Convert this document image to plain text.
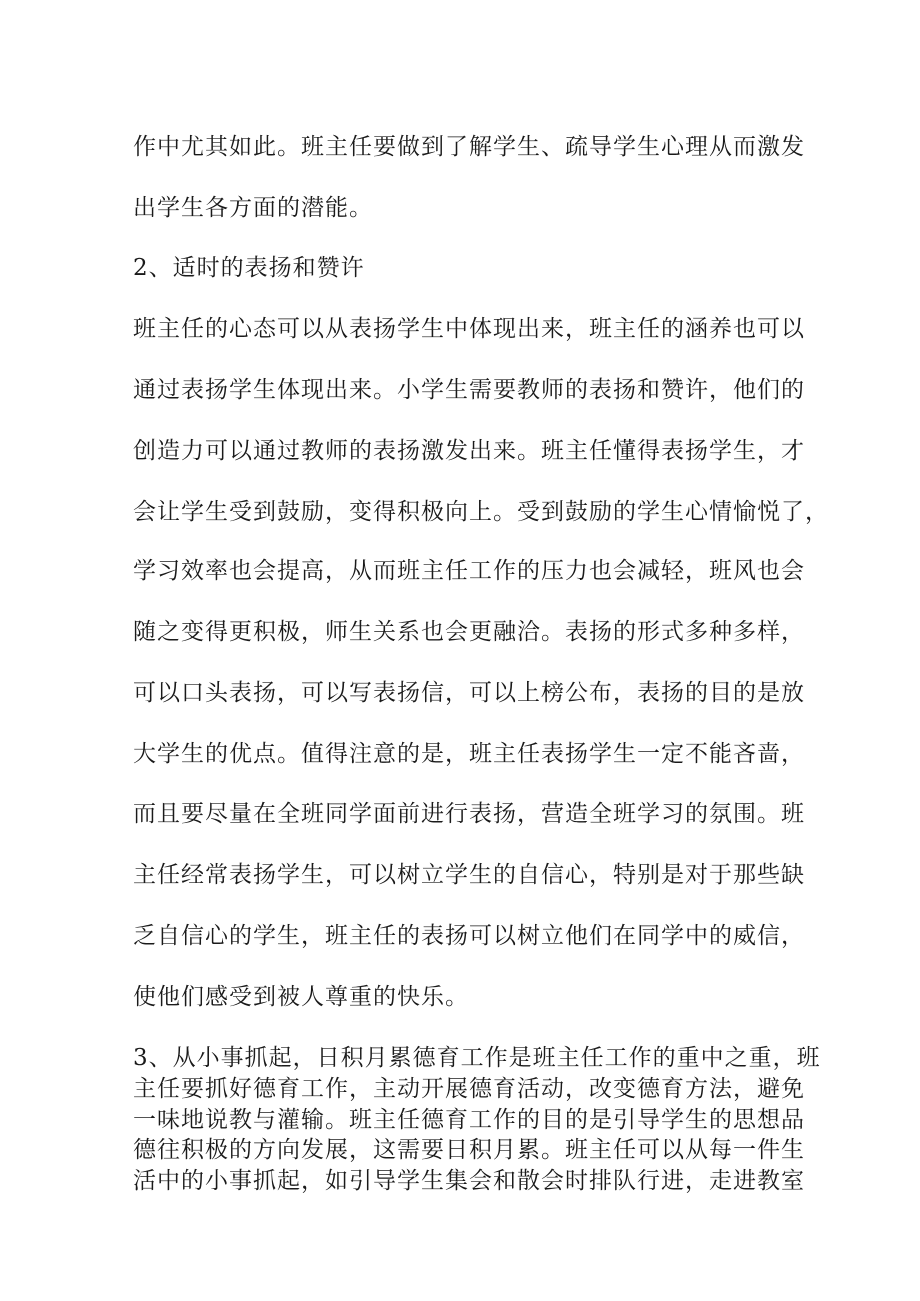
作中尤其如此。班主任要做到了解学生、疏导学生心理从而激发
出学生各方面的潜能。
2、适时的表扬和赞许
班主任的心态可以从表扬学生中体现出来，班主任的涵养也可以
通过表扬学生体现出来。小学生需要教师的表扬和赞许，他们的
创造力可以通过教师的表扬激发出来。班主任懂得表扬学生，才
会让学生受到鼓励，变得积极向上。受到鼓励的学生心情愉悦了，
学习效率也会提高，从而班主任工作的压力也会减轻，班风也会
随之变得更积极，师生关系也会更融洽。表扬的形式多种多样，
可以口头表扬，可以写表扬信，可以上榜公布，表扬的目的是放
大学生的优点。值得注意的是，班主任表扬学生一定不能吝啬，
而且要尽量在全班同学面前进行表扬，营造全班学习的氛围。班
主任经常表扬学生，可以树立学生的自信心，特别是对于那些缺
乏自信心的学生，班主任的表扬可以树立他们在同学中的威信，
使他们感受到被人尊重的快乐。
3、从小事抓起，日积月累德育工作是班主任工作的重中之重，班
主任要抓好德育工作，主动开展德育活动，改变德育方法，避免
一味地说教与灌输。班主任德育工作的目的是引导学生的思想品
德往积极的方向发展，这需要日积月累。班主任可以从每一件生
活中的小事抓起，如引导学生集会和散会时排队行进，走进教室
